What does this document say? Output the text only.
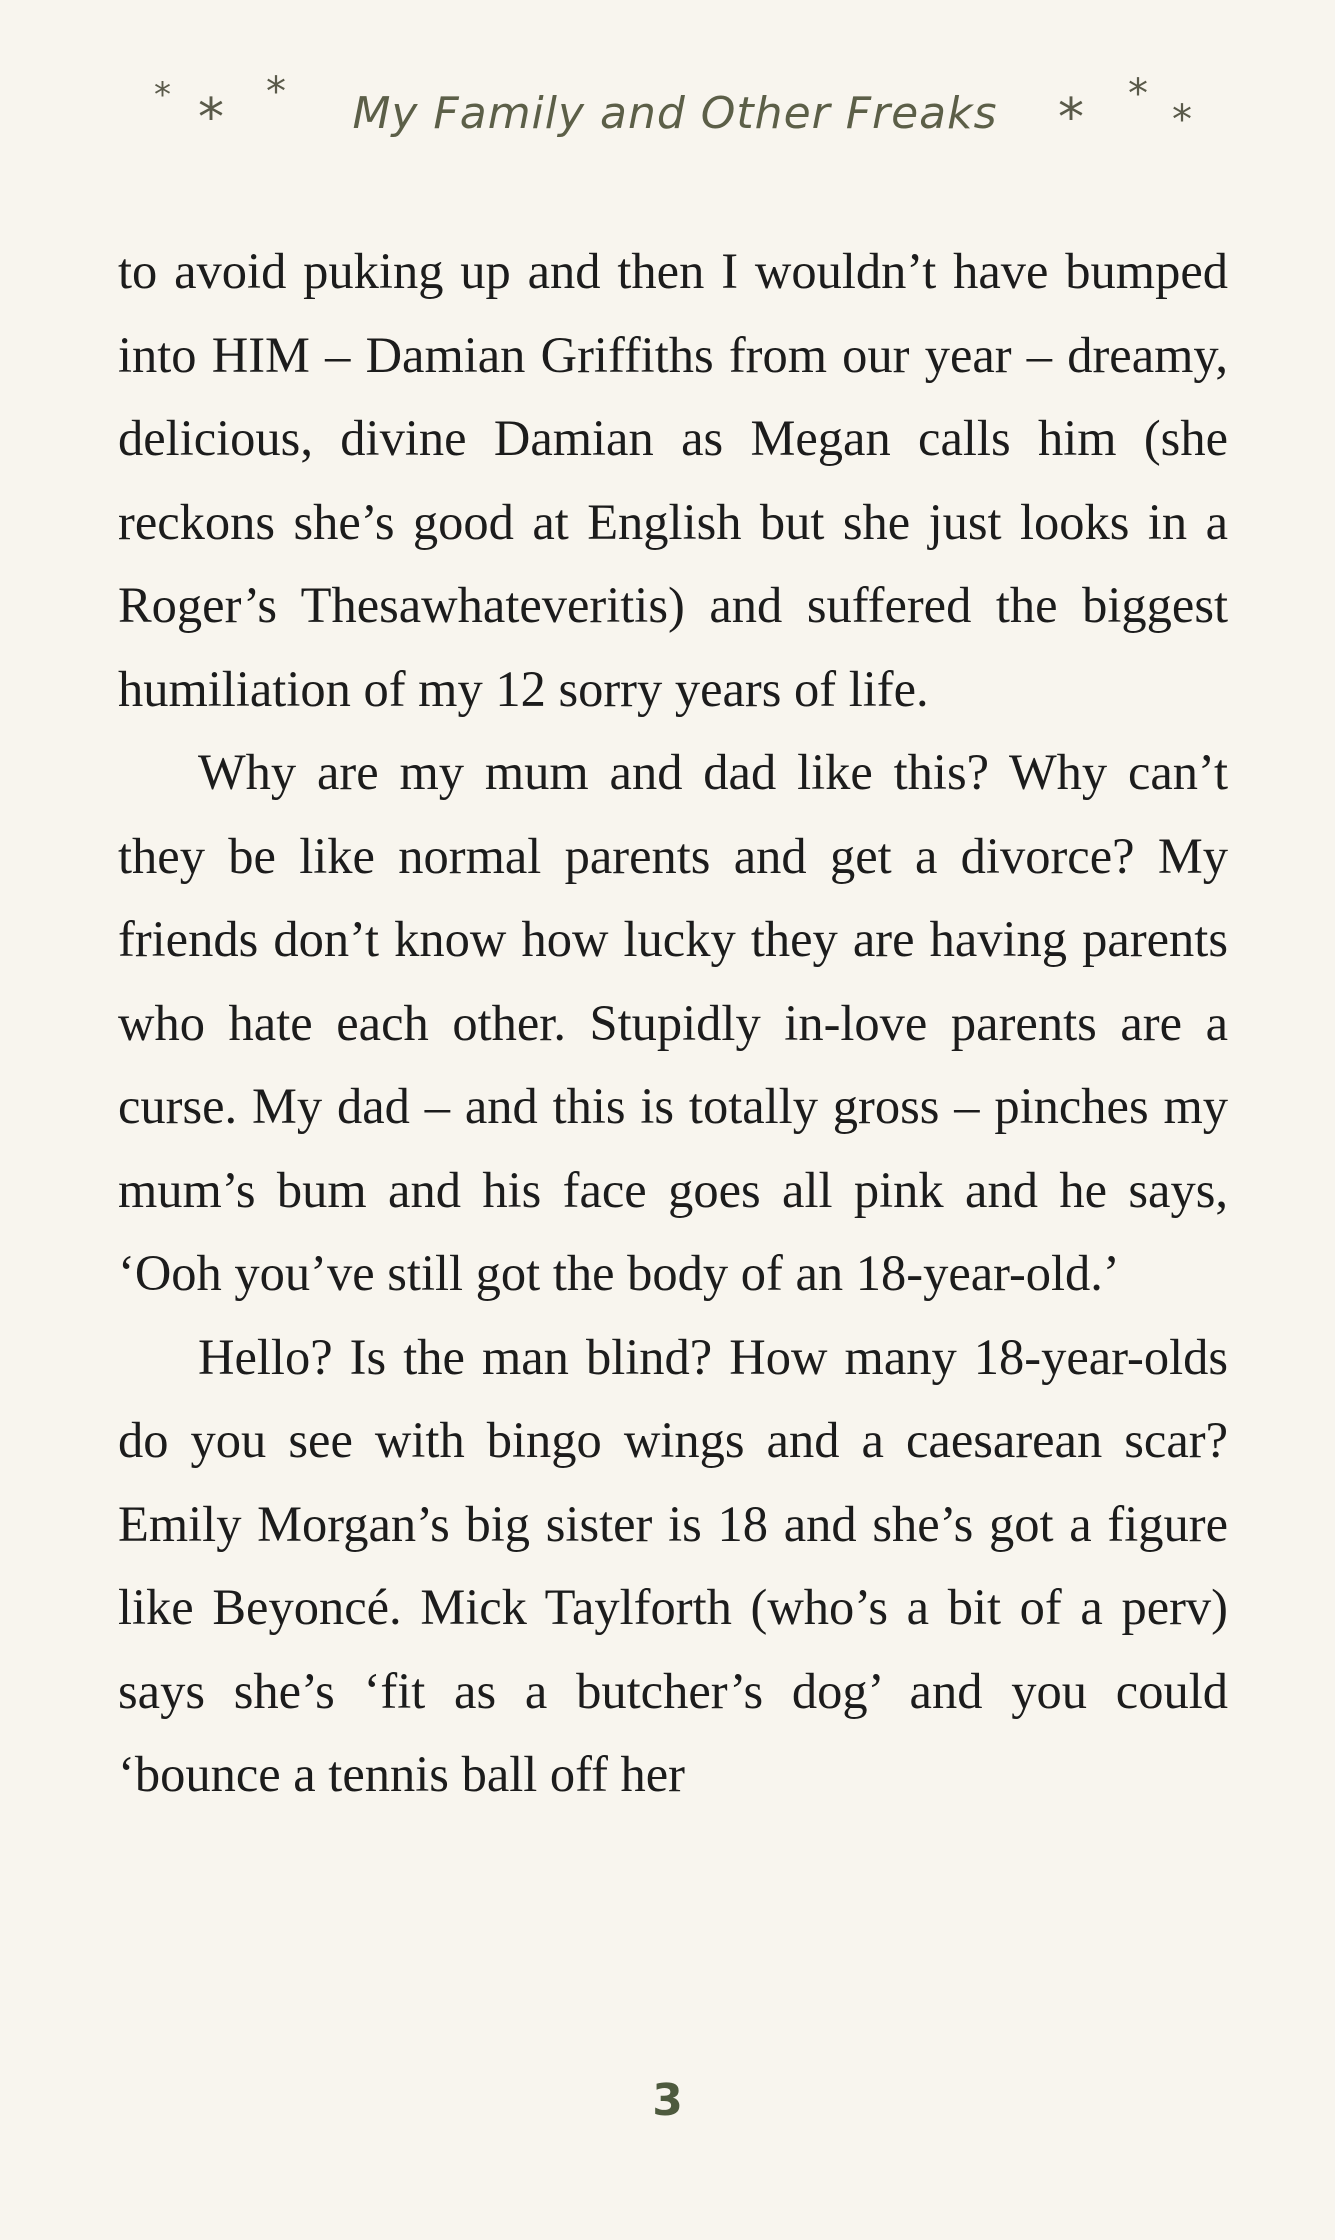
* * *	My Family and Other Freaks	* *
*

to avoid puking up and then I wouldn’t have bumped into HIM – Damian Griffiths from our year – dreamy, delicious, divine Damian as Megan calls him (she reckons she’s good at English but she just looks in a Roger’s Thesawhateveritis) and suffered the biggest humiliation of my 12 sorry years of life.

Why are my mum and dad like this? Why can’t they be like normal parents and get a divorce? My friends don’t know how lucky they are having parents who hate each other. Stupidly in-love parents are a curse. My dad – and this is totally gross – pinches my mum’s bum and his face goes all pink and he says, ‘Ooh you’ve still got the body of an 18-year-old.’

Hello? Is the man blind? How many 18-year-olds do you see with bingo wings and a caesarean scar? Emily Morgan’s big sister is 18 and she’s got a figure like Beyoncé. Mick Taylforth (who’s a bit of a perv) says she’s ‘fit as a butcher’s dog’ and you could ‘bounce a tennis ball off her

3
